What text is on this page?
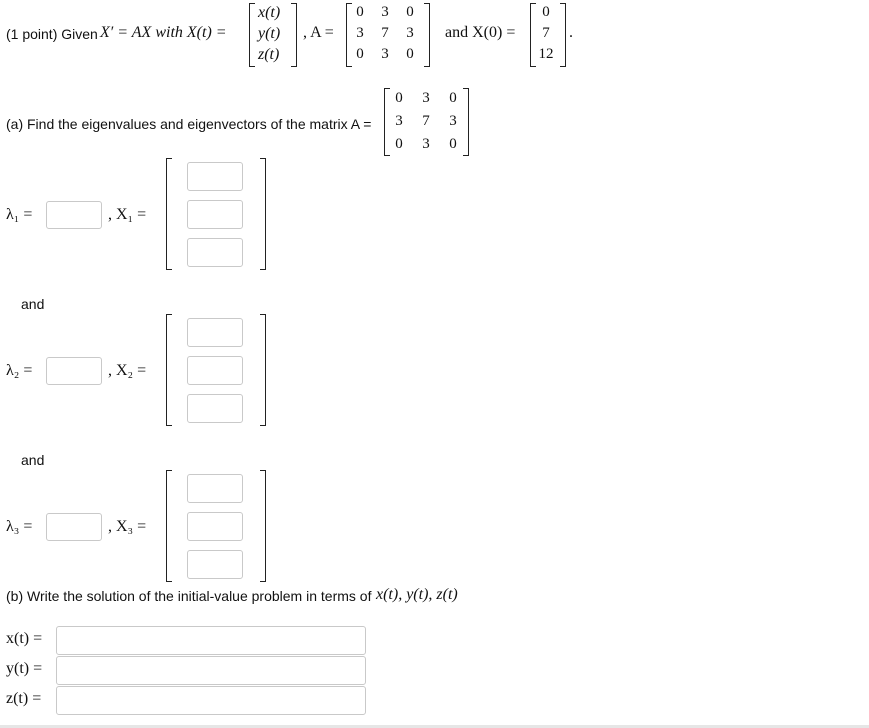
(1 point) Given X′ = AX with X(t) =
x(t)
y(t)
z(t)
, A =
0	3	0
3	7	3
0	3	0
and X(0) =
0
7
12
.
(a) Find the eigenvalues and eigenvectors of the matrix A =
0	3	0
3	7	3
0	3	0
λ₁ =	, X₁ =
and
λ₂ =	, X₂ =
and
λ₃ =	, X₃ =
(b) Write the solution of the initial-value problem in terms of x(t), y(t), z(t)
x(t) =
y(t) =
z(t) =
